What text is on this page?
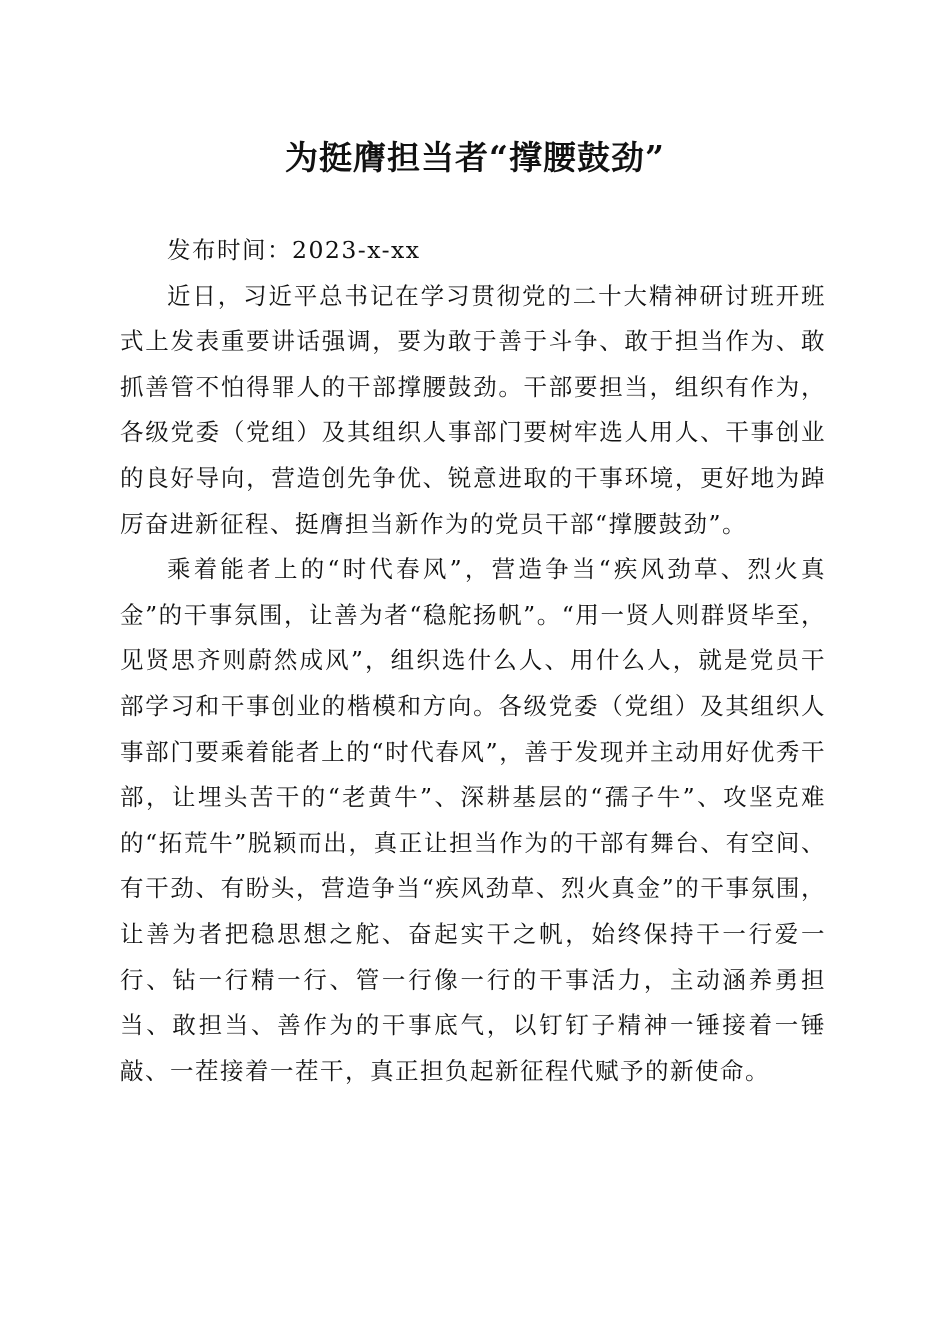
为挺膺担当者“撑腰鼓劲”

发布时间：2023-x-xx

近日，习近平总书记在学习贯彻党的二十大精神研讨班开班式上发表重要讲话强调，要为敢于善于斗争、敢于担当作为、敢抓善管不怕得罪人的干部撑腰鼓劲。干部要担当，组织有作为，各级党委（党组）及其组织人事部门要树牢选人用人、干事创业的良好导向，营造创先争优、锐意进取的干事环境，更好地为踔厉奋进新征程、挺膺担当新作为的党员干部“撑腰鼓劲”。

乘着能者上的“时代春风”，营造争当“疾风劲草、烈火真金”的干事氛围，让善为者“稳舵扬帆”。“用一贤人则群贤毕至，见贤思齐则蔚然成风”，组织选什么人、用什么人，就是党员干部学习和干事创业的楷模和方向。各级党委（党组）及其组织人事部门要乘着能者上的“时代春风”，善于发现并主动用好优秀干部，让埋头苦干的“老黄牛”、深耕基层的“孺子牛”、攻坚克难的“拓荒牛”脱颖而出，真正让担当作为的干部有舞台、有空间、有干劲、有盼头，营造争当“疾风劲草、烈火真金”的干事氛围，让善为者把稳思想之舵、奋起实干之帆，始终保持干一行爱一行、钻一行精一行、管一行像一行的干事活力，主动涵养勇担当、敢担当、善作为的干事底气，以钉钉子精神一锤接着一锤敲、一茬接着一茬干，真正担负起新征程代赋予的新使命。
